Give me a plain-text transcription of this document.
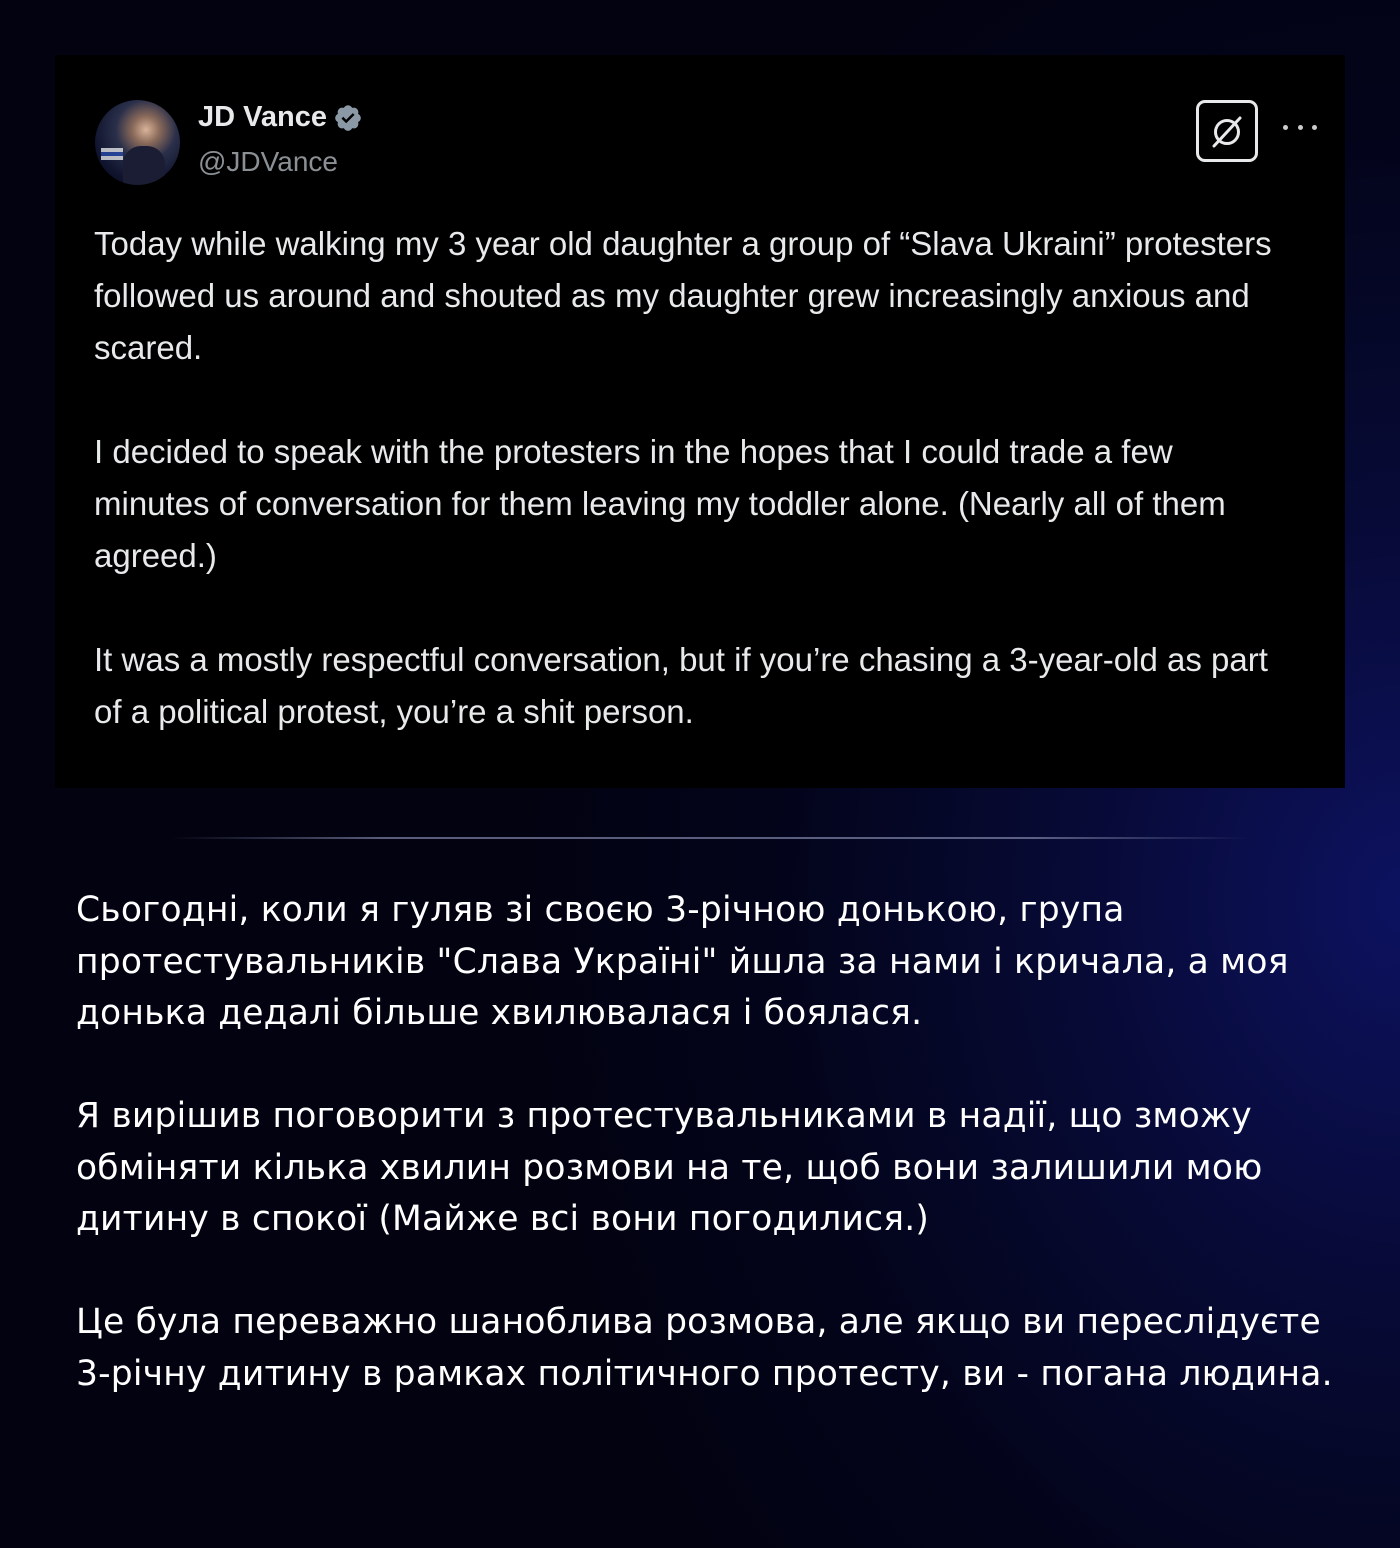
JD Vance
@JDVance

Today while walking my 3 year old daughter a group of “Slava Ukraini” protesters followed us around and shouted as my daughter grew increasingly anxious and scared.

I decided to speak with the protesters in the hopes that I could trade a few minutes of conversation for them leaving my toddler alone. (Nearly all of them agreed.)

It was a mostly respectful conversation, but if you’re chasing a 3-year-old as part of a political protest, you’re a shit person.

Сьогодні, коли я гуляв зі своєю 3-річною донькою, група протестувальників "Слава Україні" йшла за нами і кричала, а моя донька дедалі більше хвилювалася і боялася.

Я вирішив поговорити з протестувальниками в надії, що зможу обміняти кілька хвилин розмови на те, щоб вони залишили мою дитину в спокої (Майже всі вони погодилися.)

Це була переважно шаноблива розмова, але якщо ви переслідуєте 3-річну дитину в рамках політичного протесту, ви - погана людина.
